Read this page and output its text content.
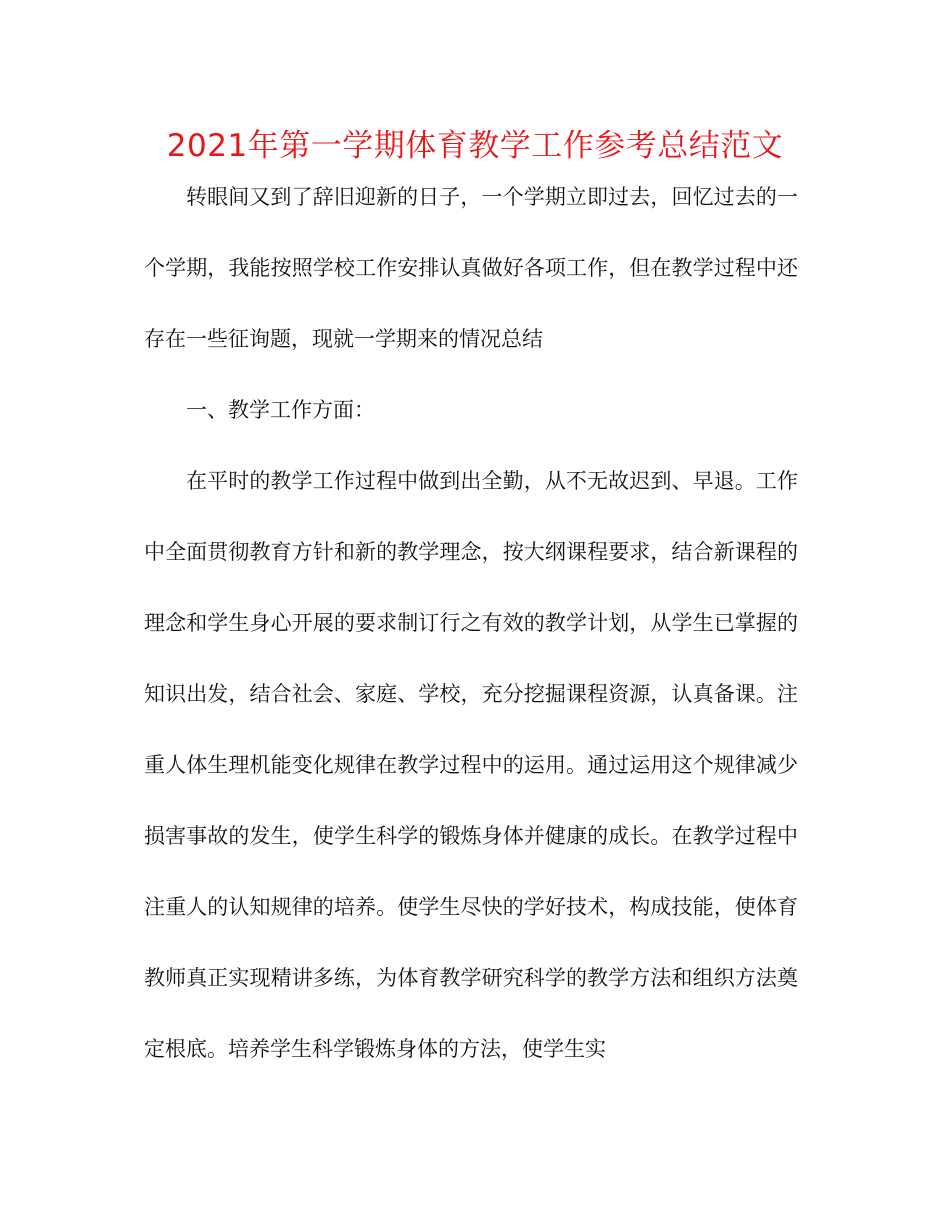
2021年第一学期体育教学工作参考总结范文

转眼间又到了辞旧迎新的日子，一个学期立即过去，回忆过去的一个学期，我能按照学校工作安排认真做好各项工作，但在教学过程中还存在一些征询题，现就一学期来的情况总结

一、教学工作方面：

在平时的教学工作过程中做到出全勤，从不无故迟到、早退。工作中全面贯彻教育方针和新的教学理念，按大纲课程要求，结合新课程的理念和学生身心开展的要求制订行之有效的教学计划，从学生已掌握的知识出发，结合社会、家庭、学校，充分挖掘课程资源，认真备课。注重人体生理机能变化规律在教学过程中的运用。通过运用这个规律减少损害事故的发生，使学生科学的锻炼身体并健康的成长。在教学过程中注重人的认知规律的培养。使学生尽快的学好技术，构成技能，使体育教师真正实现精讲多练，为体育教学研究科学的教学方法和组织方法奠定根底。培养学生科学锻炼身体的方法，使学生实
